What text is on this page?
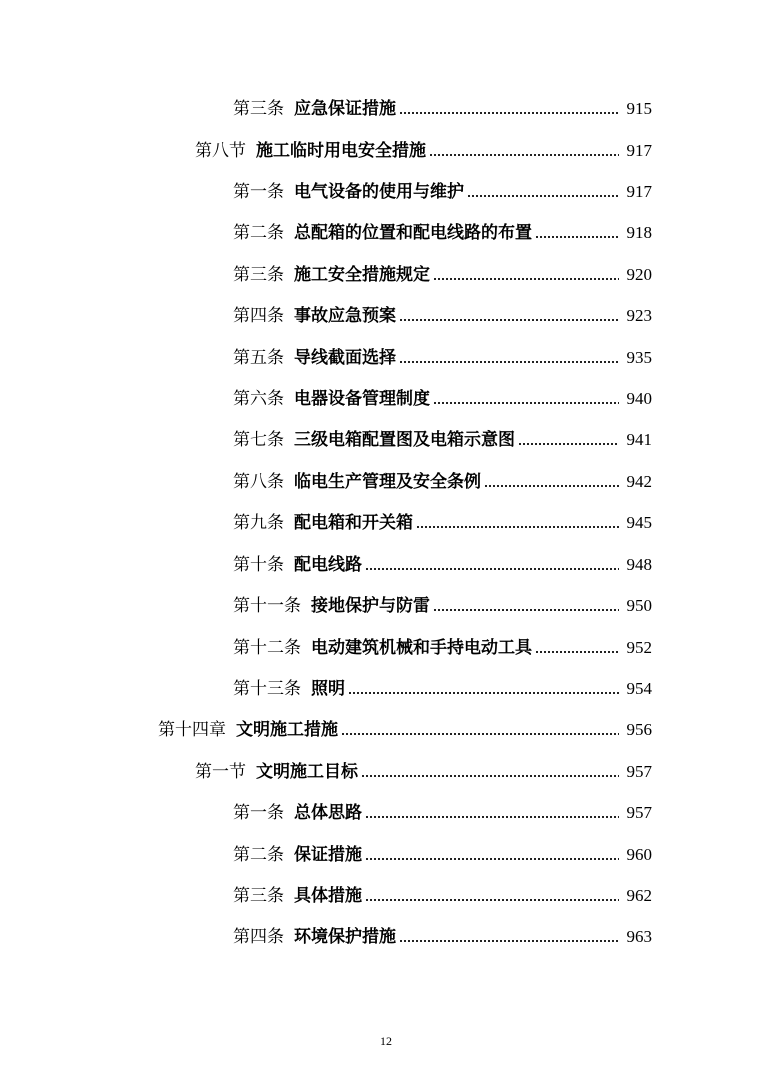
第三条 应急保证措施	915
第八节 施工临时用电安全措施	917
第一条 电气设备的使用与维护	917
第二条 总配箱的位置和配电线路的布置	918
第三条 施工安全措施规定	920
第四条 事故应急预案	923
第五条 导线截面选择	935
第六条 电器设备管理制度	940
第七条 三级电箱配置图及电箱示意图	941
第八条 临电生产管理及安全条例	942
第九条 配电箱和开关箱	945
第十条 配电线路	948
第十一条 接地保护与防雷	950
第十二条 电动建筑机械和手持电动工具	952
第十三条 照明	954
第十四章 文明施工措施	956
第一节 文明施工目标	957
第一条 总体思路	957
第二条 保证措施	960
第三条 具体措施	962
第四条 环境保护措施	963
12
